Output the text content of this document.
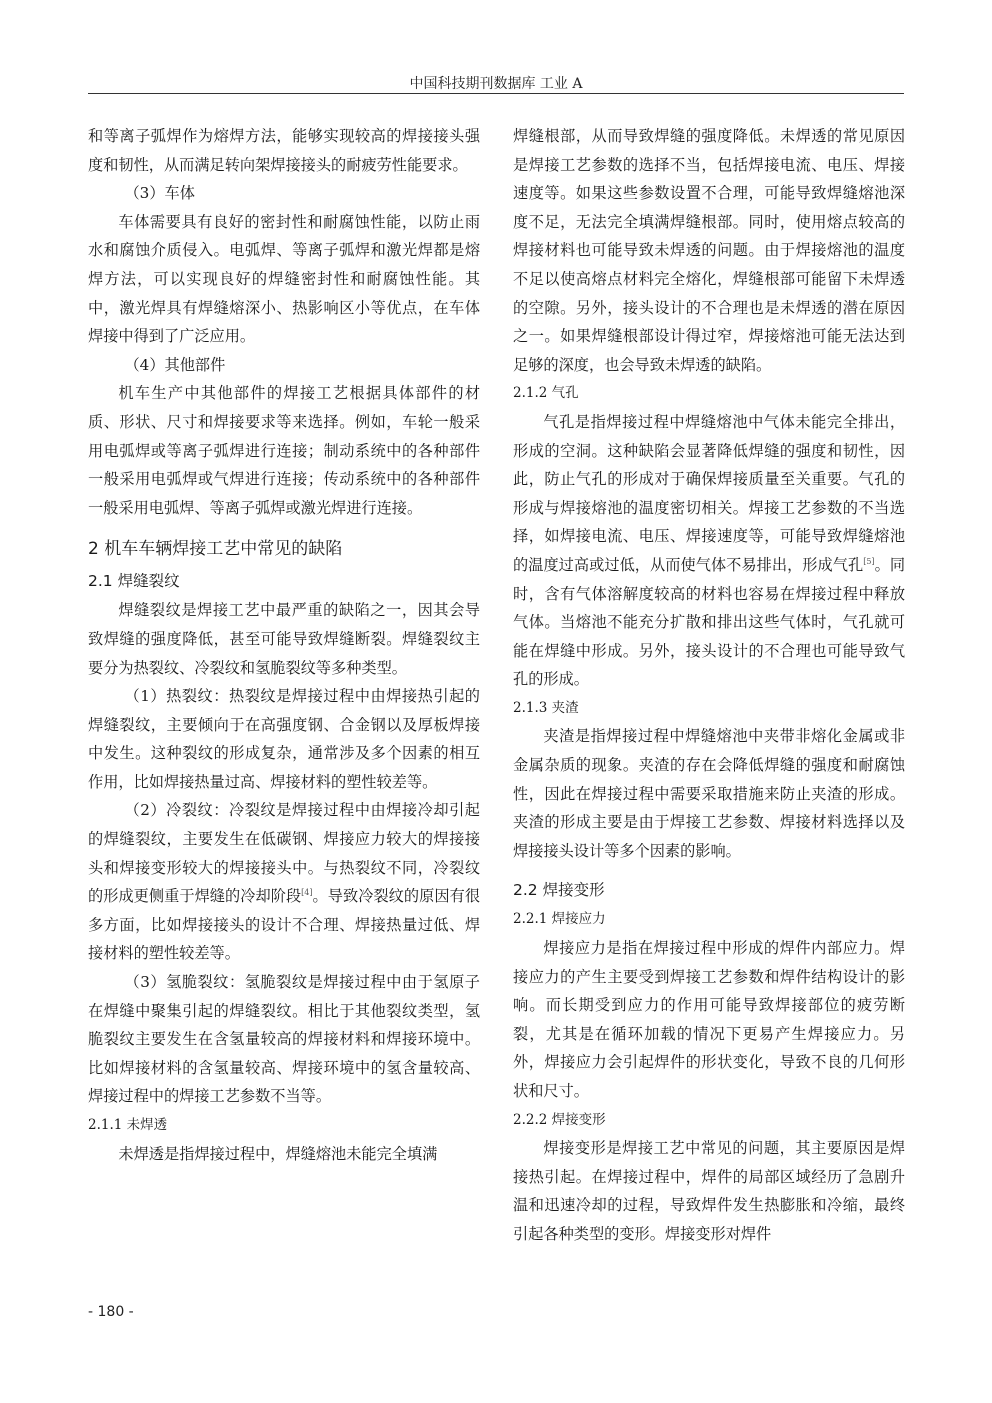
中国科技期刊数据库 工业 A

和等离子弧焊作为熔焊方法，能够实现较高的焊接接头强度和韧性，从而满足转向架焊接接头的耐疲劳性能要求。

（3）车体

车体需要具有良好的密封性和耐腐蚀性能，以防止雨水和腐蚀介质侵入。电弧焊、等离子弧焊和激光焊都是熔焊方法，可以实现良好的焊缝密封性和耐腐蚀性能。其中，激光焊具有焊缝熔深小、热影响区小等优点，在车体焊接中得到了广泛应用。

（4）其他部件

机车生产中其他部件的焊接工艺根据具体部件的材质、形状、尺寸和焊接要求等来选择。例如，车轮一般采用电弧焊或等离子弧焊进行连接；制动系统中的各种部件一般采用电弧焊或气焊进行连接；传动系统中的各种部件一般采用电弧焊、等离子弧焊或激光焊进行连接。

2 机车车辆焊接工艺中常见的缺陷
2.1 焊缝裂纹

焊缝裂纹是焊接工艺中最严重的缺陷之一，因其会导致焊缝的强度降低，甚至可能导致焊缝断裂。焊缝裂纹主要分为热裂纹、冷裂纹和氢脆裂纹等多种类型。

（1）热裂纹：热裂纹是焊接过程中由焊接热引起的焊缝裂纹，主要倾向于在高强度钢、合金钢以及厚板焊接中发生。这种裂纹的形成复杂，通常涉及多个因素的相互作用，比如焊接热量过高、焊接材料的塑性较差等。

（2）冷裂纹：冷裂纹是焊接过程中由焊接冷却引起的焊缝裂纹，主要发生在低碳钢、焊接应力较大的焊接接头和焊接变形较大的焊接接头中。与热裂纹不同，冷裂纹的形成更侧重于焊缝的冷却阶段[4]。导致冷裂纹的原因有很多方面，比如焊接接头的设计不合理、焊接热量过低、焊接材料的塑性较差等。

（3）氢脆裂纹：氢脆裂纹是焊接过程中由于氢原子在焊缝中聚集引起的焊缝裂纹。相比于其他裂纹类型，氢脆裂纹主要发生在含氢量较高的焊接材料和焊接环境中。比如焊接材料的含氢量较高、焊接环境中的氢含量较高、焊接过程中的焊接工艺参数不当等。

2.1.1 未焊透

未焊透是指焊接过程中，焊缝熔池未能完全填满

焊缝根部，从而导致焊缝的强度降低。未焊透的常见原因是焊接工艺参数的选择不当，包括焊接电流、电压、焊接速度等。如果这些参数设置不合理，可能导致焊缝熔池深度不足，无法完全填满焊缝根部。同时，使用熔点较高的焊接材料也可能导致未焊透的问题。由于焊接熔池的温度不足以使高熔点材料完全熔化，焊缝根部可能留下未焊透的空隙。另外，接头设计的不合理也是未焊透的潜在原因之一。如果焊缝根部设计得过窄，焊接熔池可能无法达到足够的深度，也会导致未焊透的缺陷。

2.1.2 气孔

气孔是指焊接过程中焊缝熔池中气体未能完全排出，形成的空洞。这种缺陷会显著降低焊缝的强度和韧性，因此，防止气孔的形成对于确保焊接质量至关重要。气孔的形成与焊接熔池的温度密切相关。焊接工艺参数的不当选择，如焊接电流、电压、焊接速度等，可能导致焊缝熔池的温度过高或过低，从而使气体不易排出，形成气孔[5]。同时，含有气体溶解度较高的材料也容易在焊接过程中释放气体。当熔池不能充分扩散和排出这些气体时，气孔就可能在焊缝中形成。另外，接头设计的不合理也可能导致气孔的形成。

2.1.3 夹渣

夹渣是指焊接过程中焊缝熔池中夹带非熔化金属或非金属杂质的现象。夹渣的存在会降低焊缝的强度和耐腐蚀性，因此在焊接过程中需要采取措施来防止夹渣的形成。夹渣的形成主要是由于焊接工艺参数、焊接材料选择以及焊接接头设计等多个因素的影响。

2.2 焊接变形
2.2.1 焊接应力

焊接应力是指在焊接过程中形成的焊件内部应力。焊接应力的产生主要受到焊接工艺参数和焊件结构设计的影响。而长期受到应力的作用可能导致焊接部位的疲劳断裂，尤其是在循环加载的情况下更易产生焊接应力。另外，焊接应力会引起焊件的形状变化，导致不良的几何形状和尺寸。

2.2.2 焊接变形

焊接变形是焊接工艺中常见的问题，其主要原因是焊接热引起。在焊接过程中，焊件的局部区域经历了急剧升温和迅速冷却的过程，导致焊件发生热膨胀和冷缩，最终引起各种类型的变形。焊接变形对焊件

- 180 -
